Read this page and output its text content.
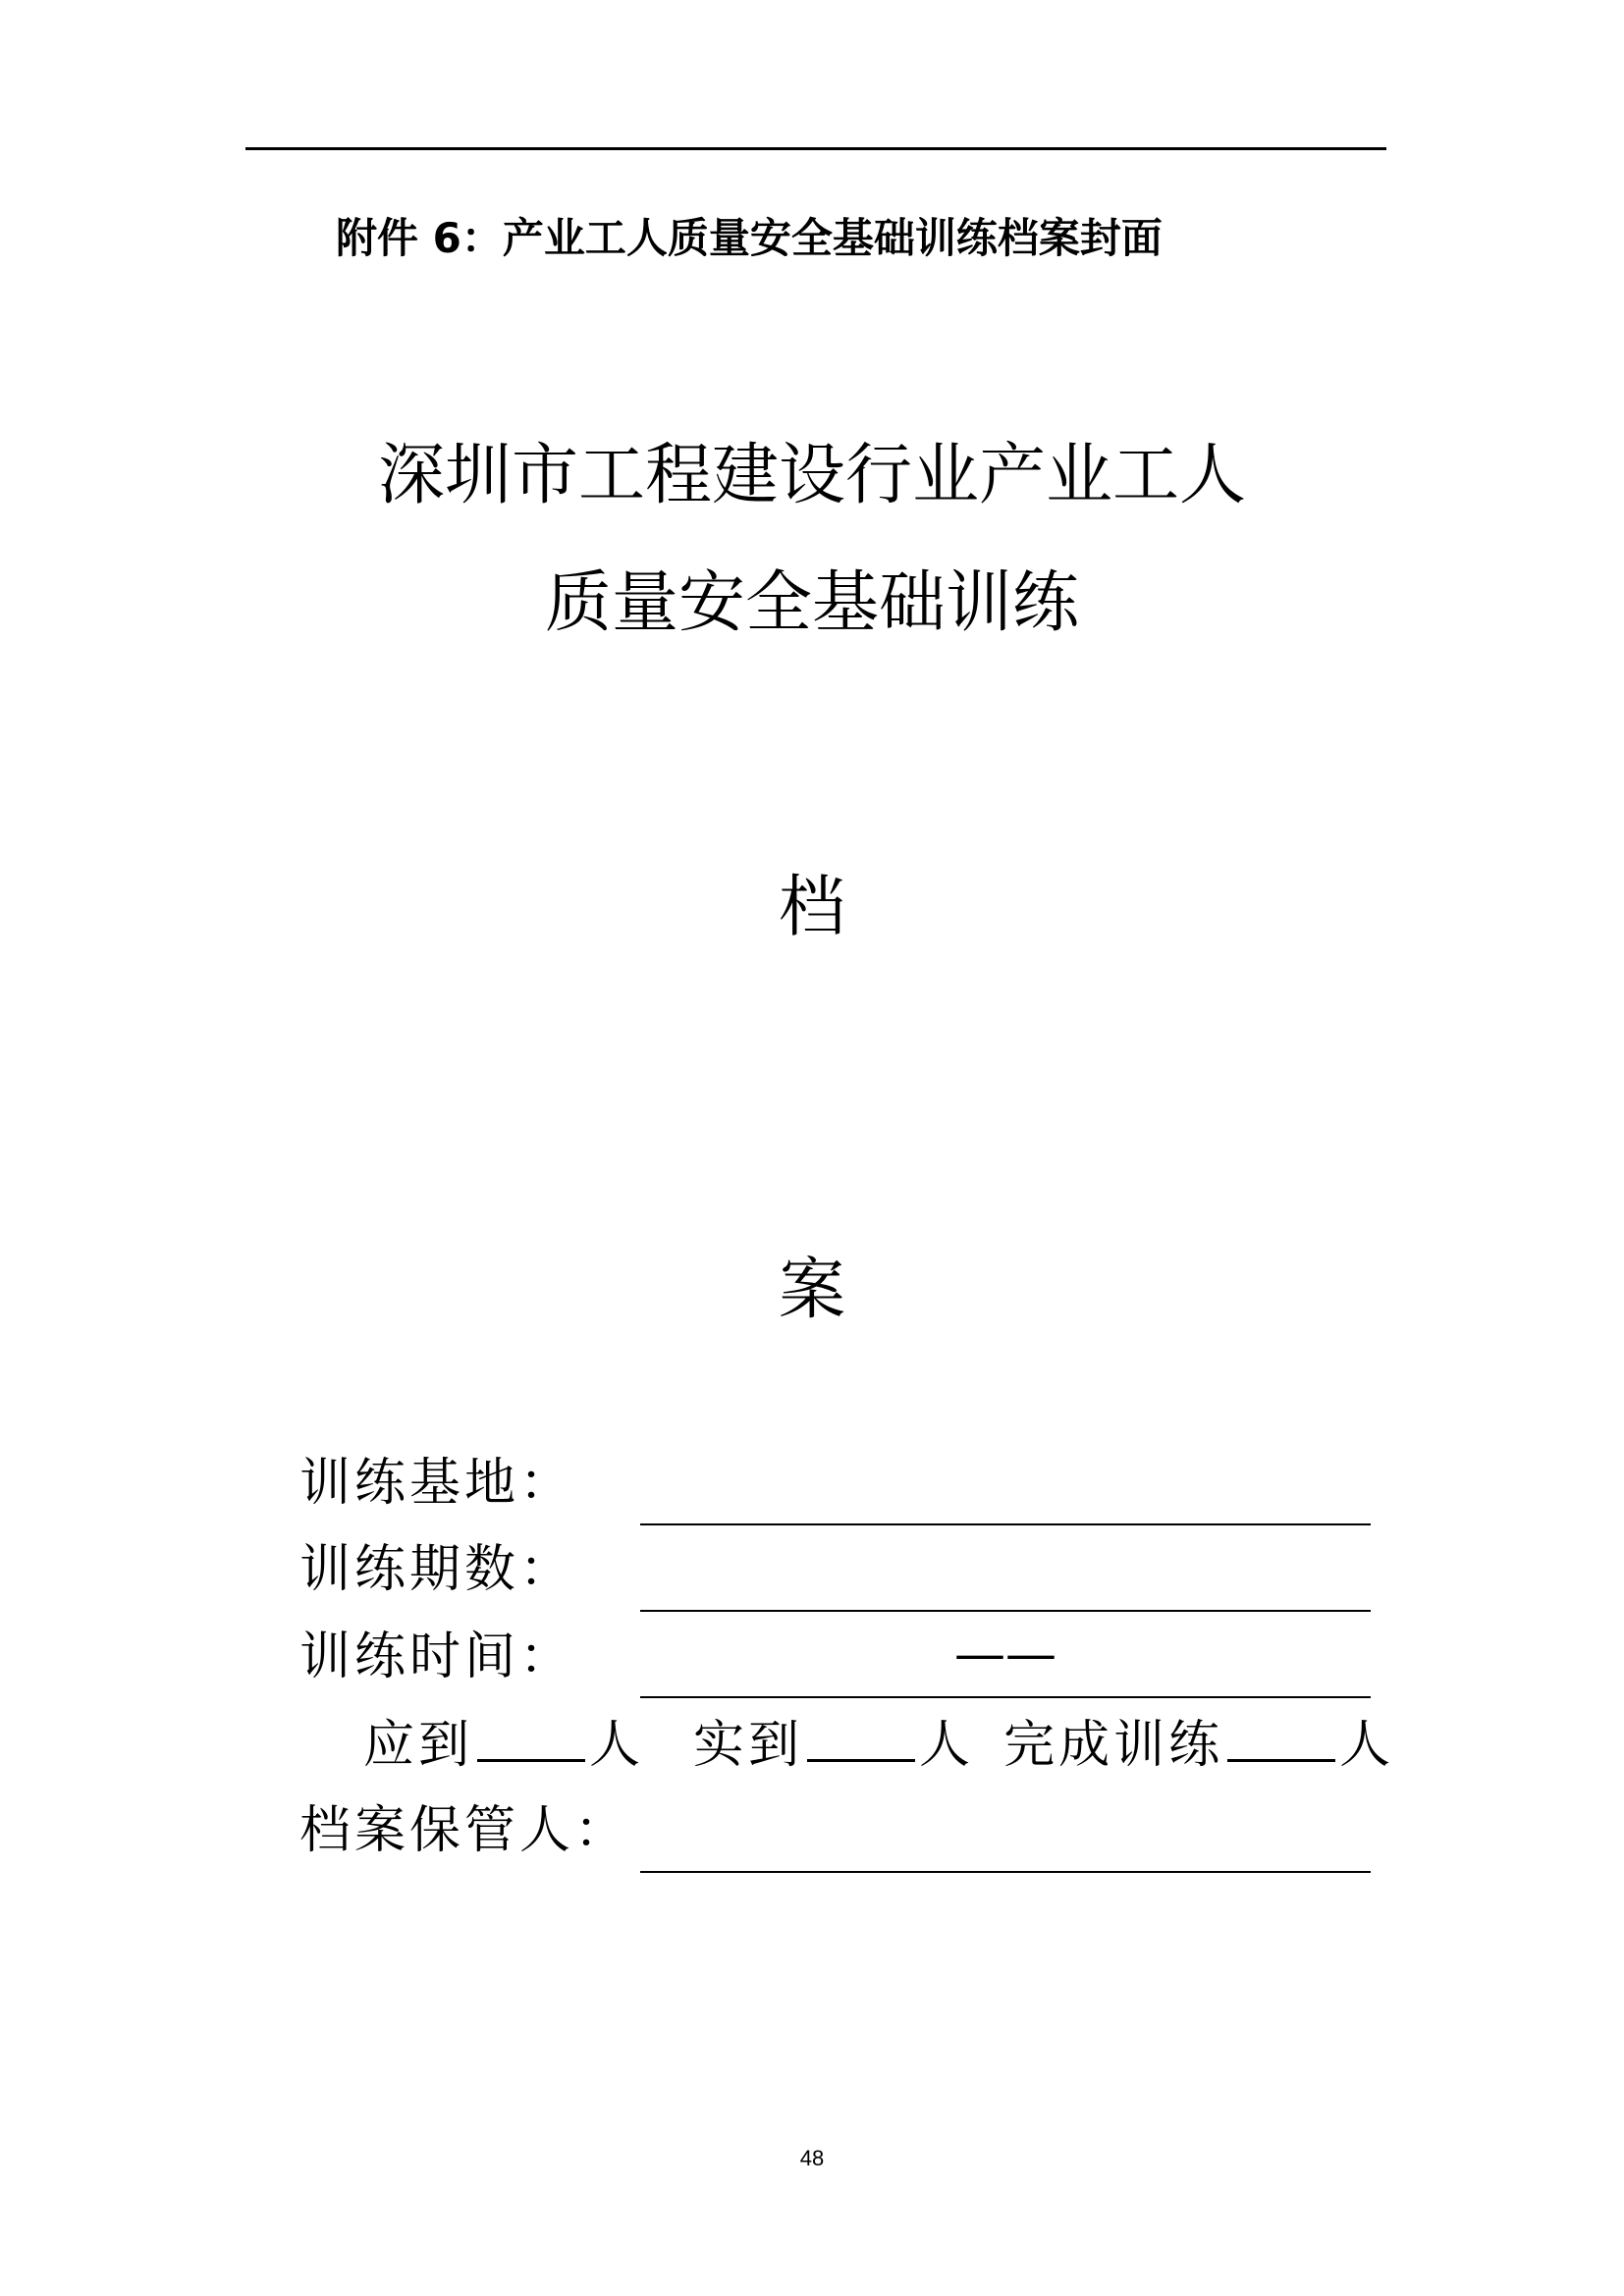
附件 6：产业工人质量安全基础训练档案封面
深圳市工程建设行业产业工人
质量安全基础训练
档
案
训练基地：
训练期数：
训练时间：	——
应到 人 实到 人 完成训练 人
档案保管人：
48
